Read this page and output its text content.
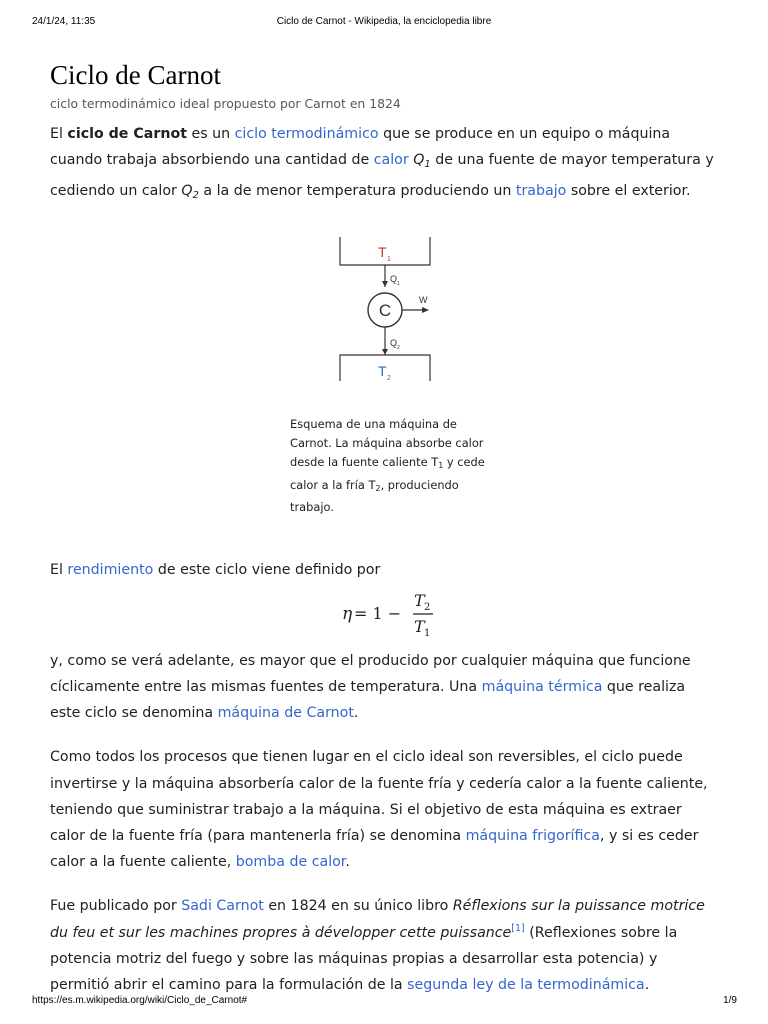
24/1/24, 11:35	Ciclo de Carnot - Wikipedia, la enciclopedia libre
Ciclo de Carnot
ciclo termodinámico ideal propuesto por Carnot en 1824

El ciclo de Carnot es un ciclo termodinámico que se produce en un equipo o máquina cuando trabaja absorbiendo una cantidad de calor $Q_1$ de una fuente de mayor temperatura y cediendo un calor $Q_2$ a la de menor temperatura produciendo un trabajo sobre el exterior.

T 1
Q 1
C
W
Q 2
T 2
Esquema de una máquina de Carnot. La máquina absorbe calor desde la fuente caliente $T_1$ y cede calor a la fría $T_2$, produciendo trabajo.

El rendimiento de este ciclo viene definido por

η = 1 −
T 2
T 1

y, como se verá adelante, es mayor que el producido por cualquier máquina que funcione cíclicamente entre las mismas fuentes de temperatura. Una máquina térmica que realiza este ciclo se denomina máquina de Carnot.

Como todos los procesos que tienen lugar en el ciclo ideal son reversibles, el ciclo puede invertirse y la máquina absorbería calor de la fuente fría y cedería calor a la fuente caliente, teniendo que suministrar trabajo a la máquina. Si el objetivo de esta máquina es extraer calor de la fuente fría (para mantenerla fría) se denomina máquina frigorífica, y si es ceder calor a la fuente caliente, bomba de calor.

Fue publicado por Sadi Carnot en 1824 en su único libro Réflexions sur la puissance motrice du feu et sur les machines propres à développer cette puissance[1] (Reflexiones sobre la potencia motriz del fuego y sobre las máquinas propias a desarrollar esta potencia) y permitió abrir el camino para la formulación de la segunda ley de la termodinámica.

https://es.m.wikipedia.org/wiki/Ciclo_de_Carnot#	1/9
